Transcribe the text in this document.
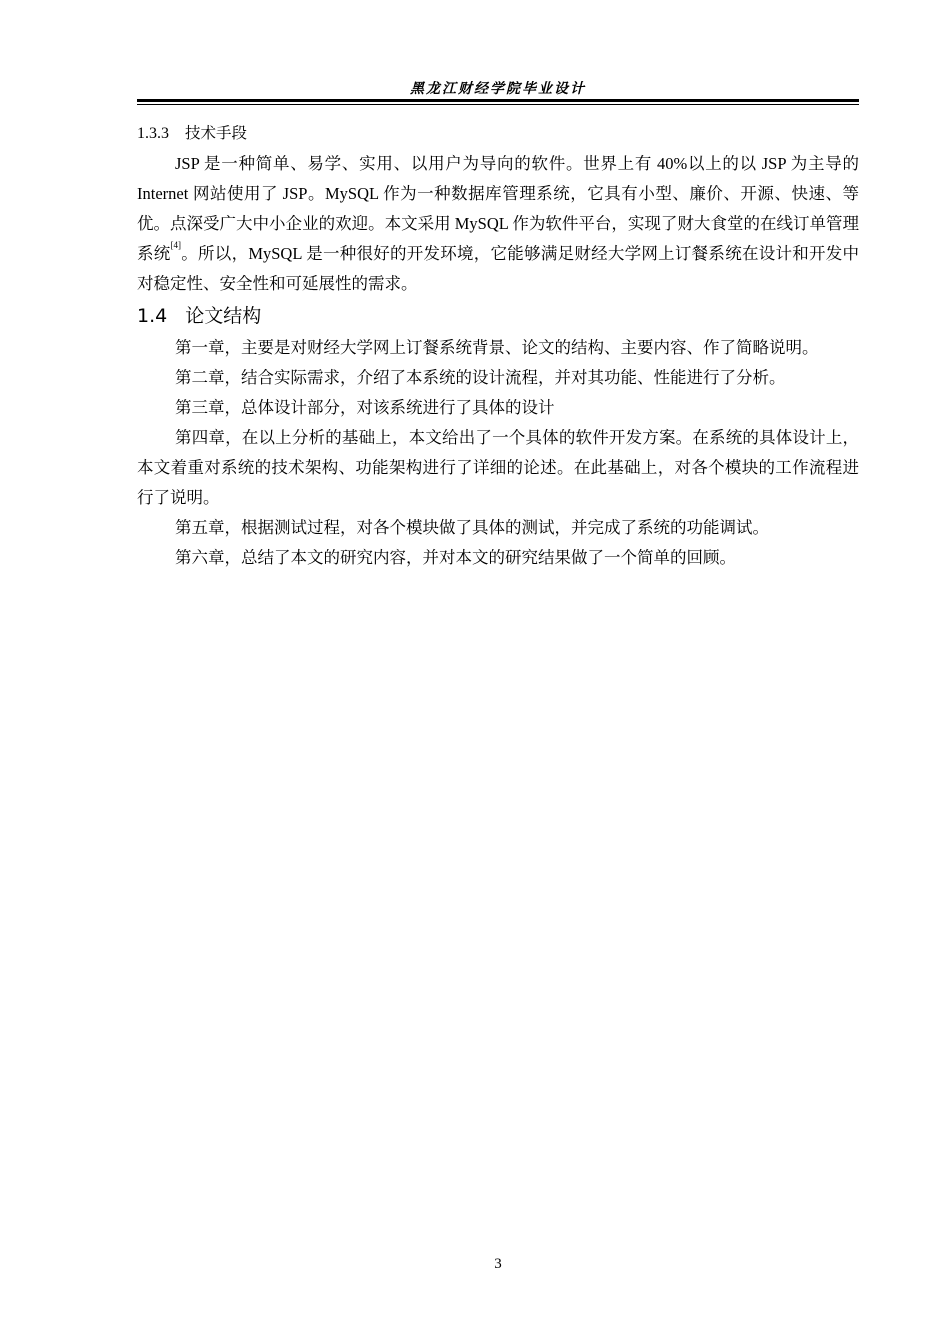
黑龙江财经学院毕业设计

1.3.3 技术手段

JSP 是一种简单、易学、实用、以用户为导向的软件。世界上有 40%以上的以 JSP 为主导的 Internet 网站使用了 JSP。MySQL 作为一种数据库管理系统，它具有小型、廉价、开源、快速、等优。点深受广大中小企业的欢迎。本文采用 MySQL 作为软件平台，实现了财大食堂的在线订单管理系统[4]。所以，MySQL 是一种很好的开发环境，它能够满足财经大学网上订餐系统在设计和开发中对稳定性、安全性和可延展性的需求。

1.4 论文结构

第一章，主要是对财经大学网上订餐系统背景、论文的结构、主要内容、作了简略说明。

第二章，结合实际需求，介绍了本系统的设计流程，并对其功能、性能进行了分析。

第三章，总体设计部分，对该系统进行了具体的设计

第四章，在以上分析的基础上，本文给出了一个具体的软件开发方案。在系统的具体设计上，本文着重对系统的技术架构、功能架构进行了详细的论述。在此基础上，对各个模块的工作流程进行了说明。

第五章，根据测试过程，对各个模块做了具体的测试，并完成了系统的功能调试。

第六章，总结了本文的研究内容，并对本文的研究结果做了一个简单的回顾。

3
